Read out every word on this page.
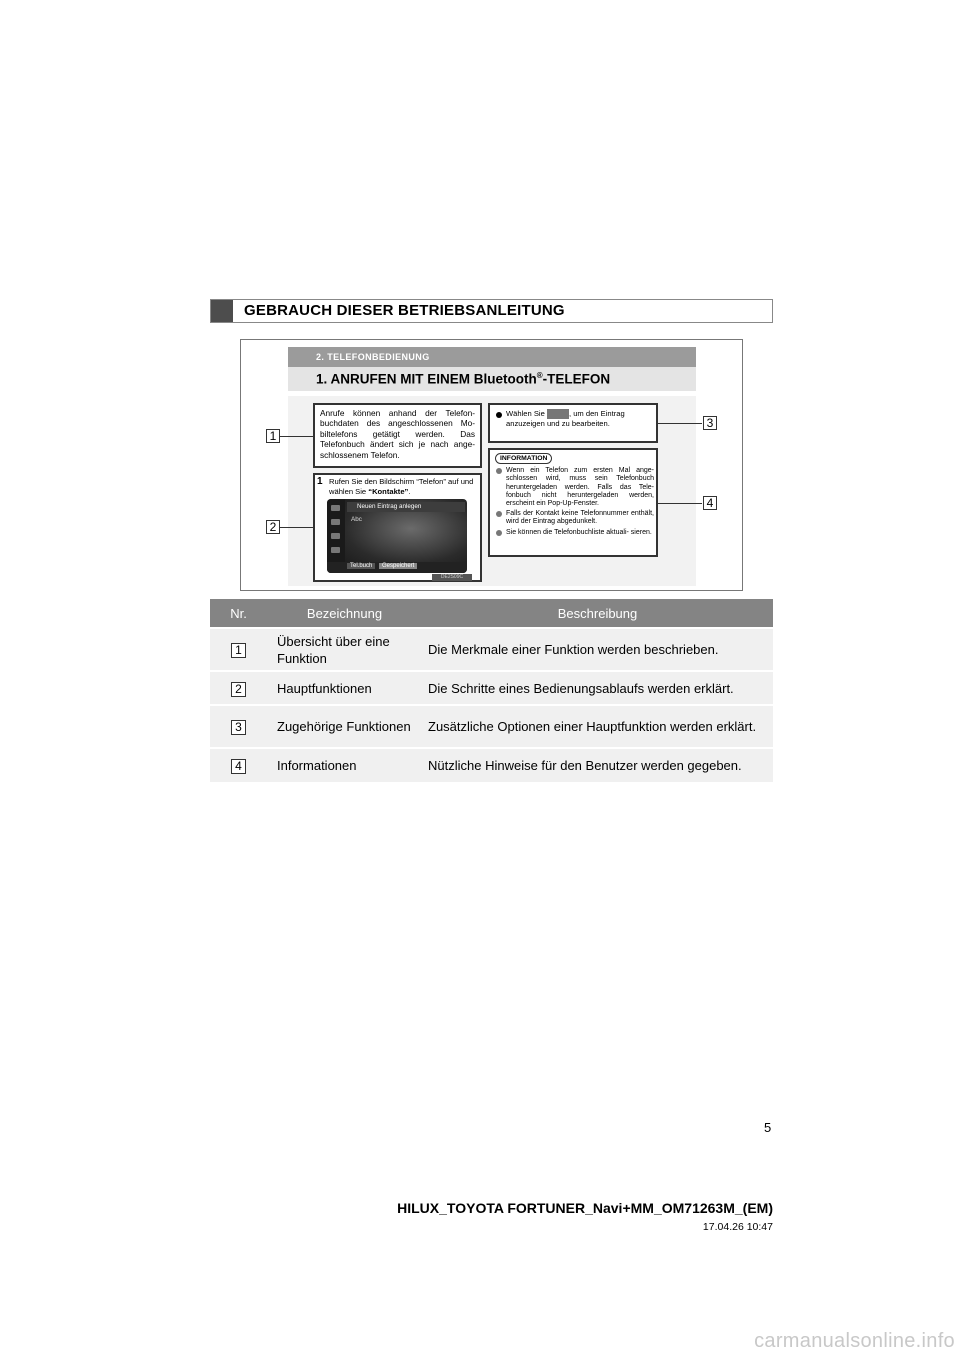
GEBRAUCH DIESER BETRIEBSANLEITUNG
2. TELEFONBEDIENUNG
1. ANRUFEN MIT EINEM Bluetooth®-TELEFON
Anrufe können anhand der Telefon- buchdaten des angeschlossenen Mo- biltelefons getätigt werden. Das Telefonbuch ändert sich je nach ange- schlossenem Telefon.
1 Rufen Sie den Bildschirm “Telefon” auf und wählen Sie “Kontakte”.
Neuen Eintrag anlegen
Abc
Tel.buch	Gespeichert
DE2S09C
Wählen Sie	, um den Eintrag anzuzeigen und zu bearbeiten.
INFORMATION
Wenn ein Telefon zum ersten Mal ange- schlossen wird, muss sein Telefonbuch heruntergeladen werden. Falls das Tele- fonbuch nicht heruntergeladen werden, erscheint ein Pop-Up-Fenster.
Falls der Kontakt keine Telefonnummer enthält, wird der Eintrag abgedunkelt.
Sie können die Telefonbuchliste aktuali- sieren.
1
2
3
4
Nr.	Bezeichnung	Beschreibung
1	Übersicht über eine Funktion	Die Merkmale einer Funktion werden beschrieben.
2	Hauptfunktionen	Die Schritte eines Bedienungsablaufs werden erklärt.
3	Zugehörige Funktionen	Zusätzliche Optionen einer Hauptfunktion werden erklärt.
4	Informationen	Nützliche Hinweise für den Benutzer werden gegeben.
5
HILUX_TOYOTA FORTUNER_Navi+MM_OM71263M_(EM)
17.04.26 10:47
carmanualsonline.info
